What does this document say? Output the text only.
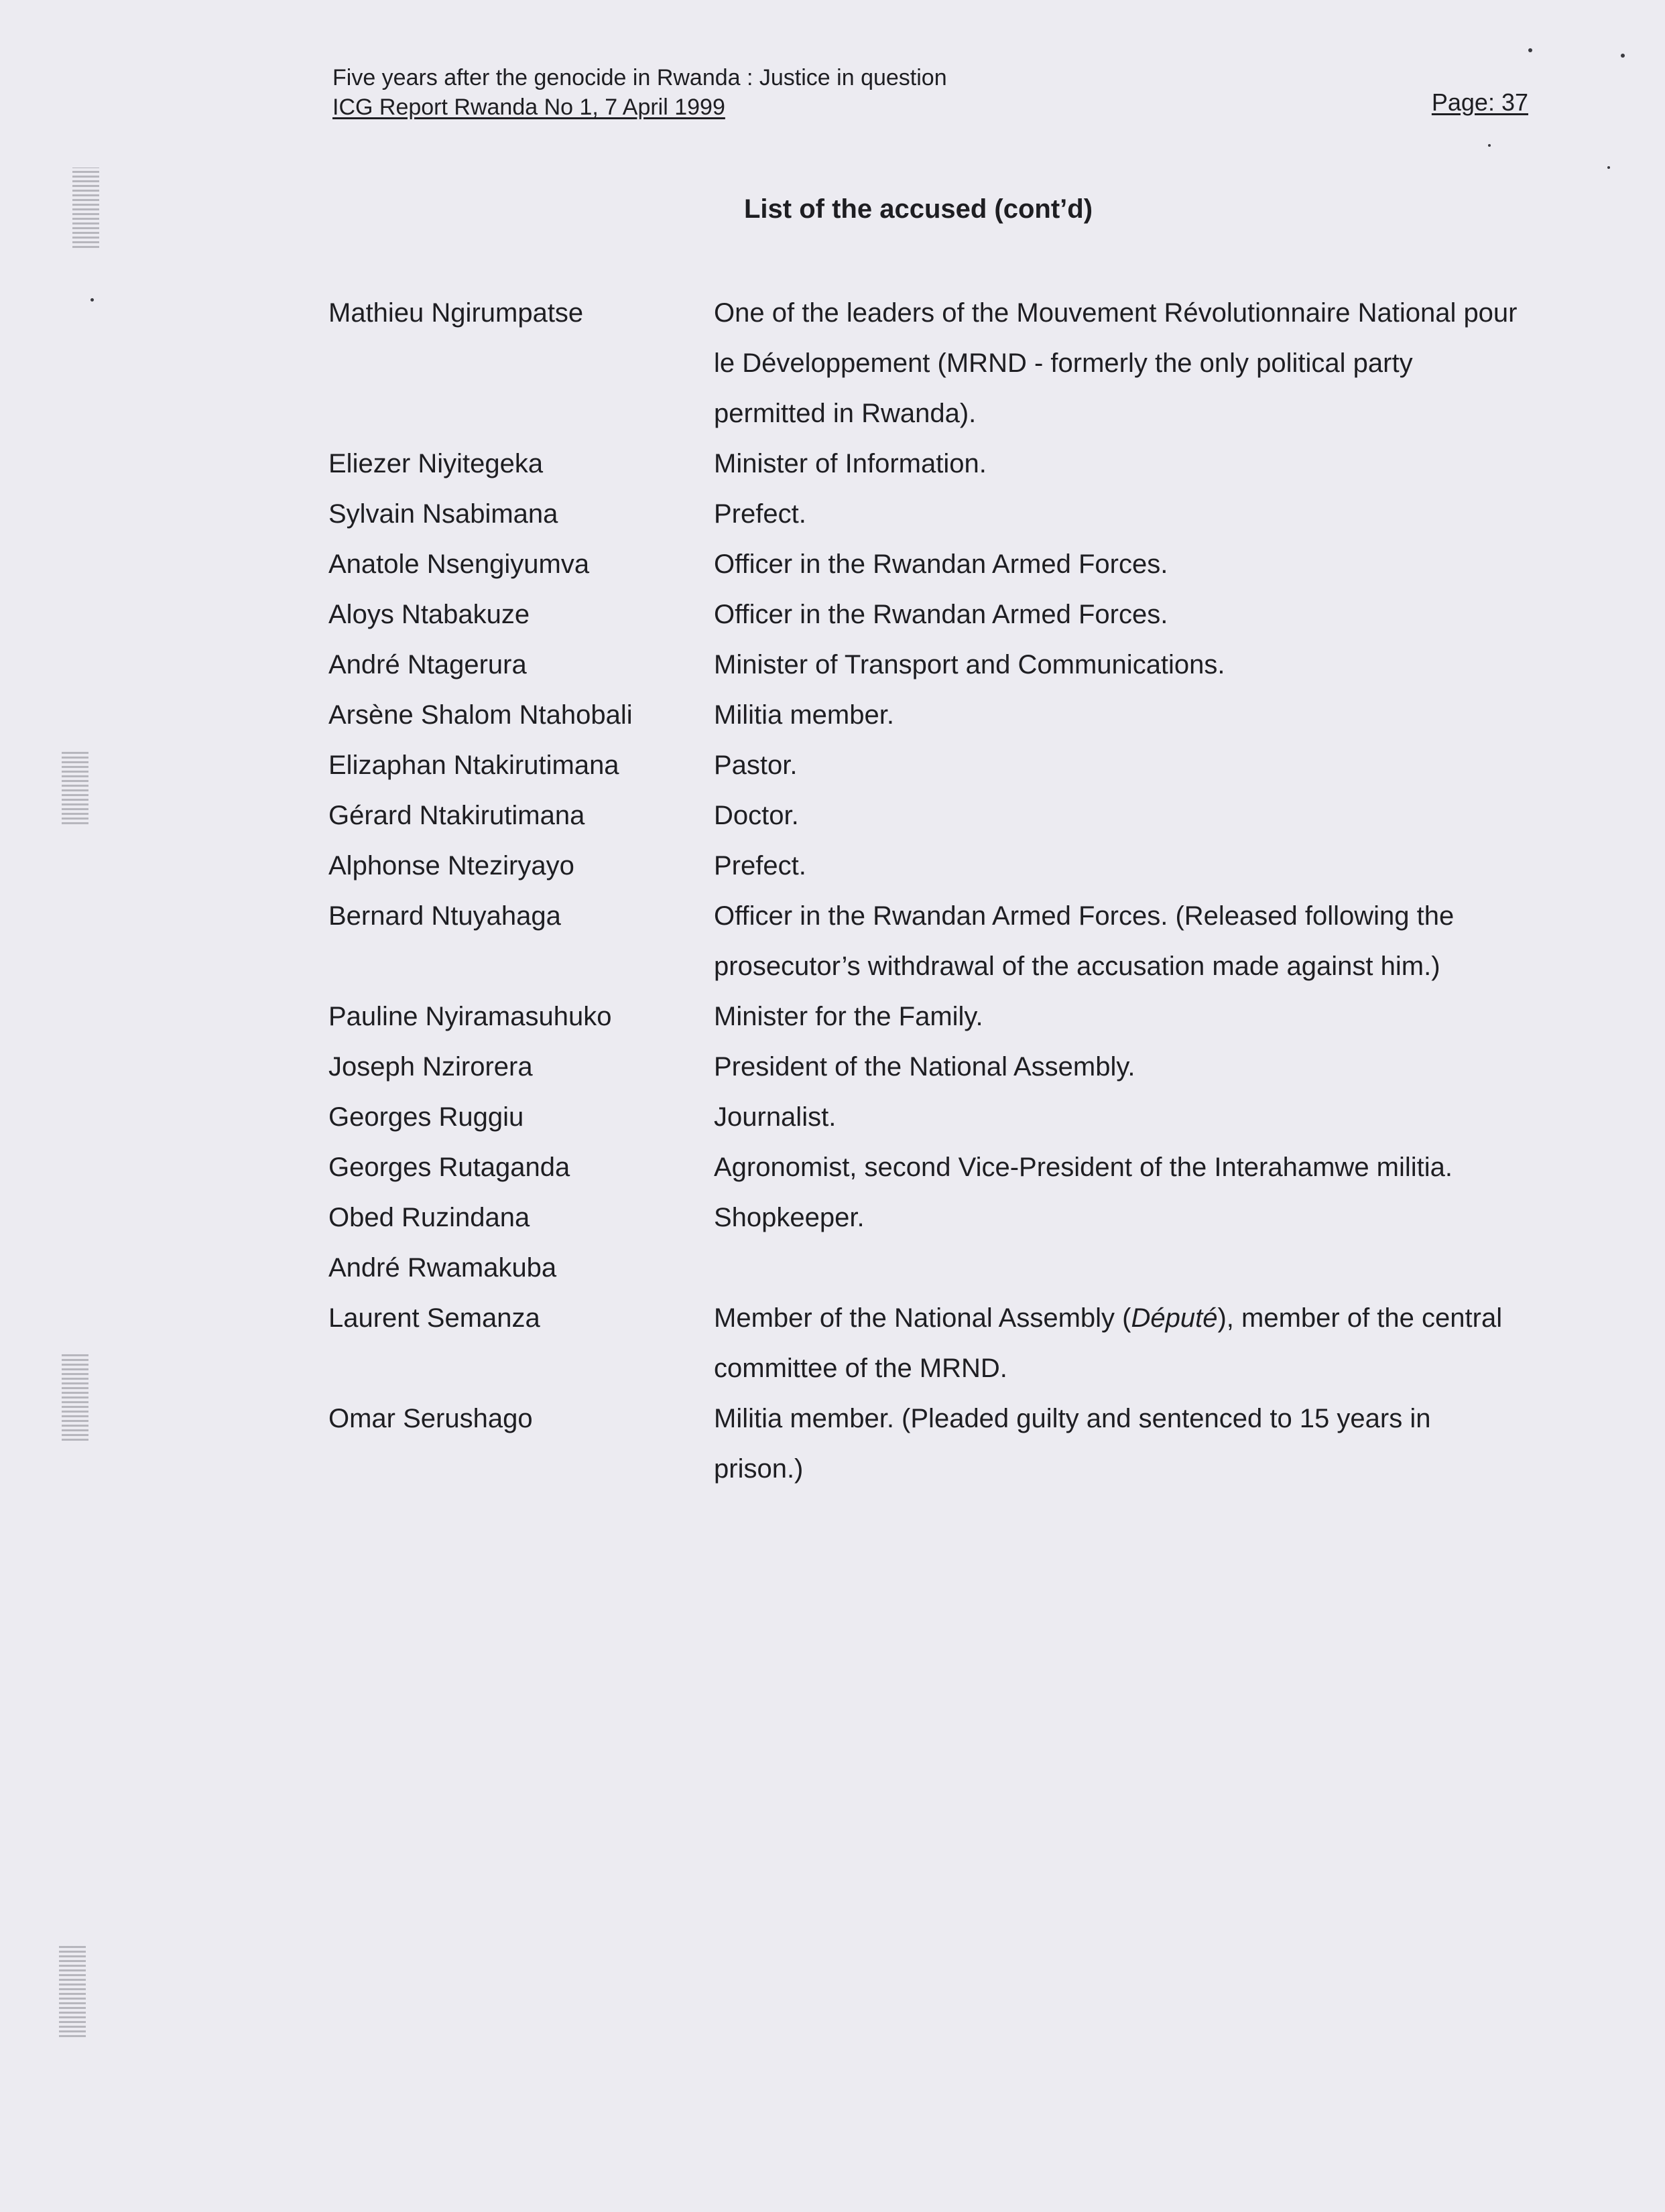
Five years after the genocide in Rwanda : Justice in question
ICG Report Rwanda No 1, 7 April 1999	Page: 37
List of the accused (cont’d)
Mathieu Ngirumpatse	One of the leaders of the Mouvement Révolutionnaire National pour le Développement (MRND - formerly the only political party permitted in Rwanda).
Eliezer Niyitegeka	Minister of Information.
Sylvain Nsabimana	Prefect.
Anatole Nsengiyumva	Officer in the Rwandan Armed Forces.
Aloys Ntabakuze	Officer in the Rwandan Armed Forces.
André Ntagerura	Minister of Transport and Communications.
Arsène Shalom Ntahobali	Militia member.
Elizaphan Ntakirutimana	Pastor.
Gérard Ntakirutimana	Doctor.
Alphonse Nteziryayo	Prefect.
Bernard Ntuyahaga	Officer in the Rwandan Armed Forces. (Released following the prosecutor’s withdrawal of the accusation made against him.)
Pauline Nyiramasuhuko	Minister for the Family.
Joseph Nzirorera	President of the National Assembly.
Georges Ruggiu	Journalist.
Georges Rutaganda	Agronomist, second Vice-President of the Interahamwe militia.
Obed Ruzindana	Shopkeeper.
André Rwamakuba
Laurent Semanza	Member of the National Assembly (Député), member of the central committee of the MRND.
Omar Serushago	Militia member. (Pleaded guilty and sentenced to 15 years in prison.)
